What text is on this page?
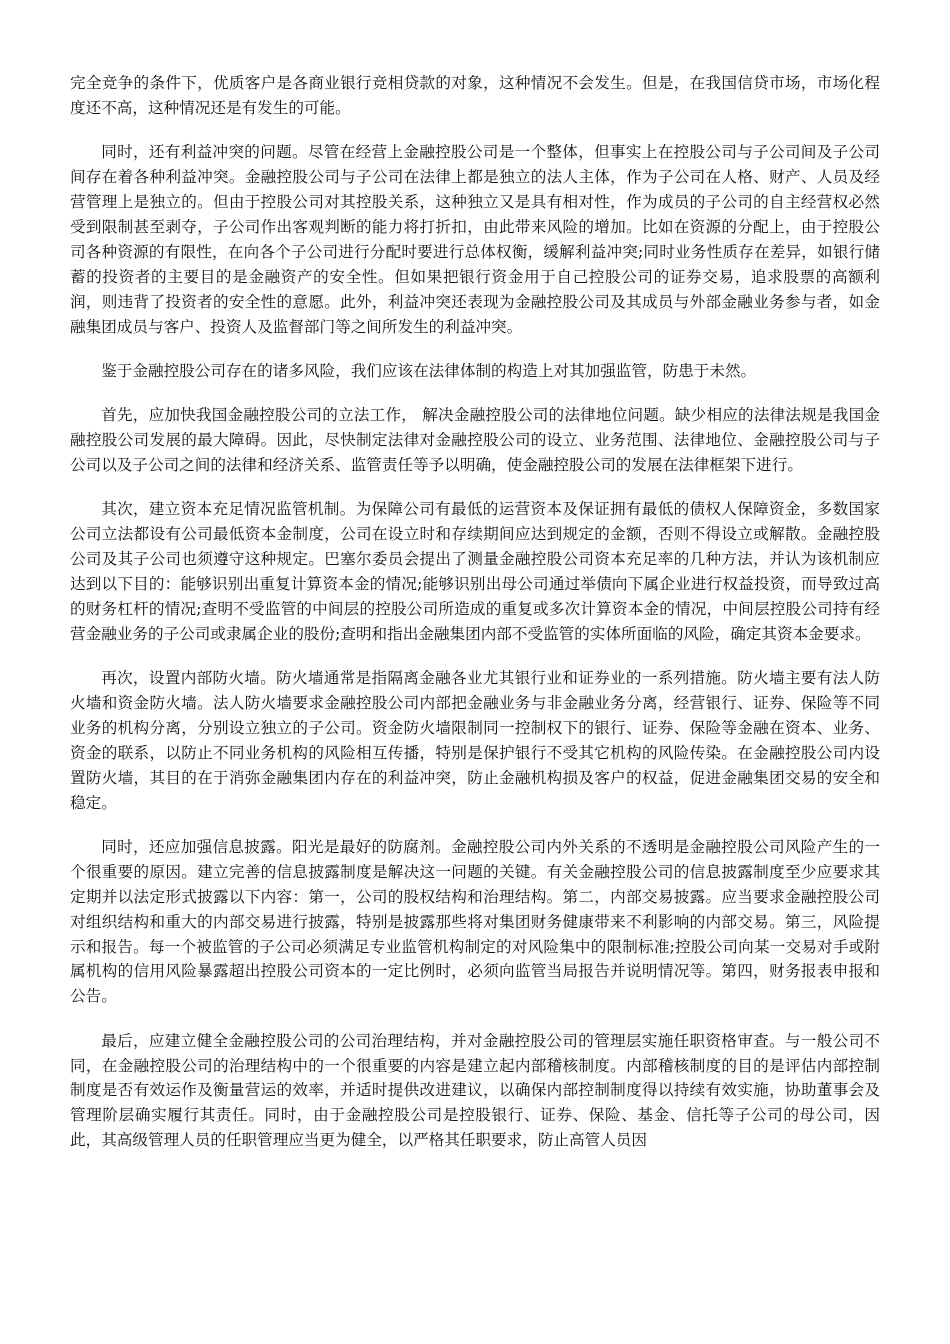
完全竞争的条件下，优质客户是各商业银行竞相贷款的对象，这种情况不会发生。但是，在我国信贷市场，市场化程度还不高，这种情况还是有发生的可能。

同时，还有利益冲突的问题。尽管在经营上金融控股公司是一个整体，但事实上在控股公司与子公司间及子公司间存在着各种利益冲突。金融控股公司与子公司在法律上都是独立的法人主体，作为子公司在人格、财产、人员及经营管理上是独立的。但由于控股公司对其控股关系，这种独立又是具有相对性，作为成员的子公司的自主经营权必然受到限制甚至剥夺，子公司作出客观判断的能力将打折扣，由此带来风险的增加。比如在资源的分配上，由于控股公司各种资源的有限性，在向各个子公司进行分配时要进行总体权衡，缓解利益冲突;同时业务性质存在差异，如银行储蓄的投资者的主要目的是金融资产的安全性。但如果把银行资金用于自己控股公司的证券交易，追求股票的高额利润，则违背了投资者的安全性的意愿。此外，利益冲突还表现为金融控股公司及其成员与外部金融业务参与者，如金融集团成员与客户、投资人及监督部门等之间所发生的利益冲突。

鉴于金融控股公司存在的诸多风险，我们应该在法律体制的构造上对其加强监管，防患于未然。

首先，应加快我国金融控股公司的立法工作， 解决金融控股公司的法律地位问题。缺少相应的法律法规是我国金融控股公司发展的最大障碍。因此，尽快制定法律对金融控股公司的设立、业务范围、法律地位、金融控股公司与子公司以及子公司之间的法律和经济关系、监管责任等予以明确，使金融控股公司的发展在法律框架下进行。

其次，建立资本充足情况监管机制。为保障公司有最低的运营资本及保证拥有最低的债权人保障资金，多数国家公司立法都设有公司最低资本金制度，公司在设立时和存续期间应达到规定的金额，否则不得设立或解散。金融控股公司及其子公司也须遵守这种规定。巴塞尔委员会提出了测量金融控股公司资本充足率的几种方法，并认为该机制应达到以下目的：能够识别出重复计算资本金的情况;能够识别出母公司通过举债向下属企业进行权益投资，而导致过高的财务杠杆的情况;查明不受监管的中间层的控股公司所造成的重复或多次计算资本金的情况，中间层控股公司持有经营金融业务的子公司或隶属企业的股份;查明和指出金融集团内部不受监管的实体所面临的风险，确定其资本金要求。

再次，设置内部防火墙。防火墙通常是指隔离金融各业尤其银行业和证券业的一系列措施。防火墙主要有法人防火墙和资金防火墙。法人防火墙要求金融控股公司内部把金融业务与非金融业务分离，经营银行、证券、保险等不同业务的机构分离，分别设立独立的子公司。资金防火墙限制同一控制权下的银行、证券、保险等金融在资本、业务、资金的联系，以防止不同业务机构的风险相互传播，特别是保护银行不受其它机构的风险传染。在金融控股公司内设置防火墙，其目的在于消弥金融集团内存在的利益冲突，防止金融机构损及客户的权益，促进金融集团交易的安全和稳定。

同时，还应加强信息披露。阳光是最好的防腐剂。金融控股公司内外关系的不透明是金融控股公司风险产生的一个很重要的原因。建立完善的信息披露制度是解决这一问题的关键。有关金融控股公司的信息披露制度至少应要求其定期并以法定形式披露以下内容：第一，公司的股权结构和治理结构。第二，内部交易披露。应当要求金融控股公司对组织结构和重大的内部交易进行披露，特别是披露那些将对集团财务健康带来不利影响的内部交易。第三，风险提示和报告。每一个被监管的子公司必须满足专业监管机构制定的对风险集中的限制标准;控股公司向某一交易对手或附属机构的信用风险暴露超出控股公司资本的一定比例时，必须向监管当局报告并说明情况等。第四，财务报表申报和公告。

最后，应建立健全金融控股公司的公司治理结构，并对金融控股公司的管理层实施任职资格审查。与一般公司不同，在金融控股公司的治理结构中的一个很重要的内容是建立起内部稽核制度。内部稽核制度的目的是评估内部控制制度是否有效运作及衡量营运的效率，并适时提供改进建议，以确保内部控制制度得以持续有效实施，协助董事会及管理阶层确实履行其责任。同时，由于金融控股公司是控股银行、证券、保险、基金、信托等子公司的母公司，因此，其高级管理人员的任职管理应当更为健全，以严格其任职要求，防止高管人员因
